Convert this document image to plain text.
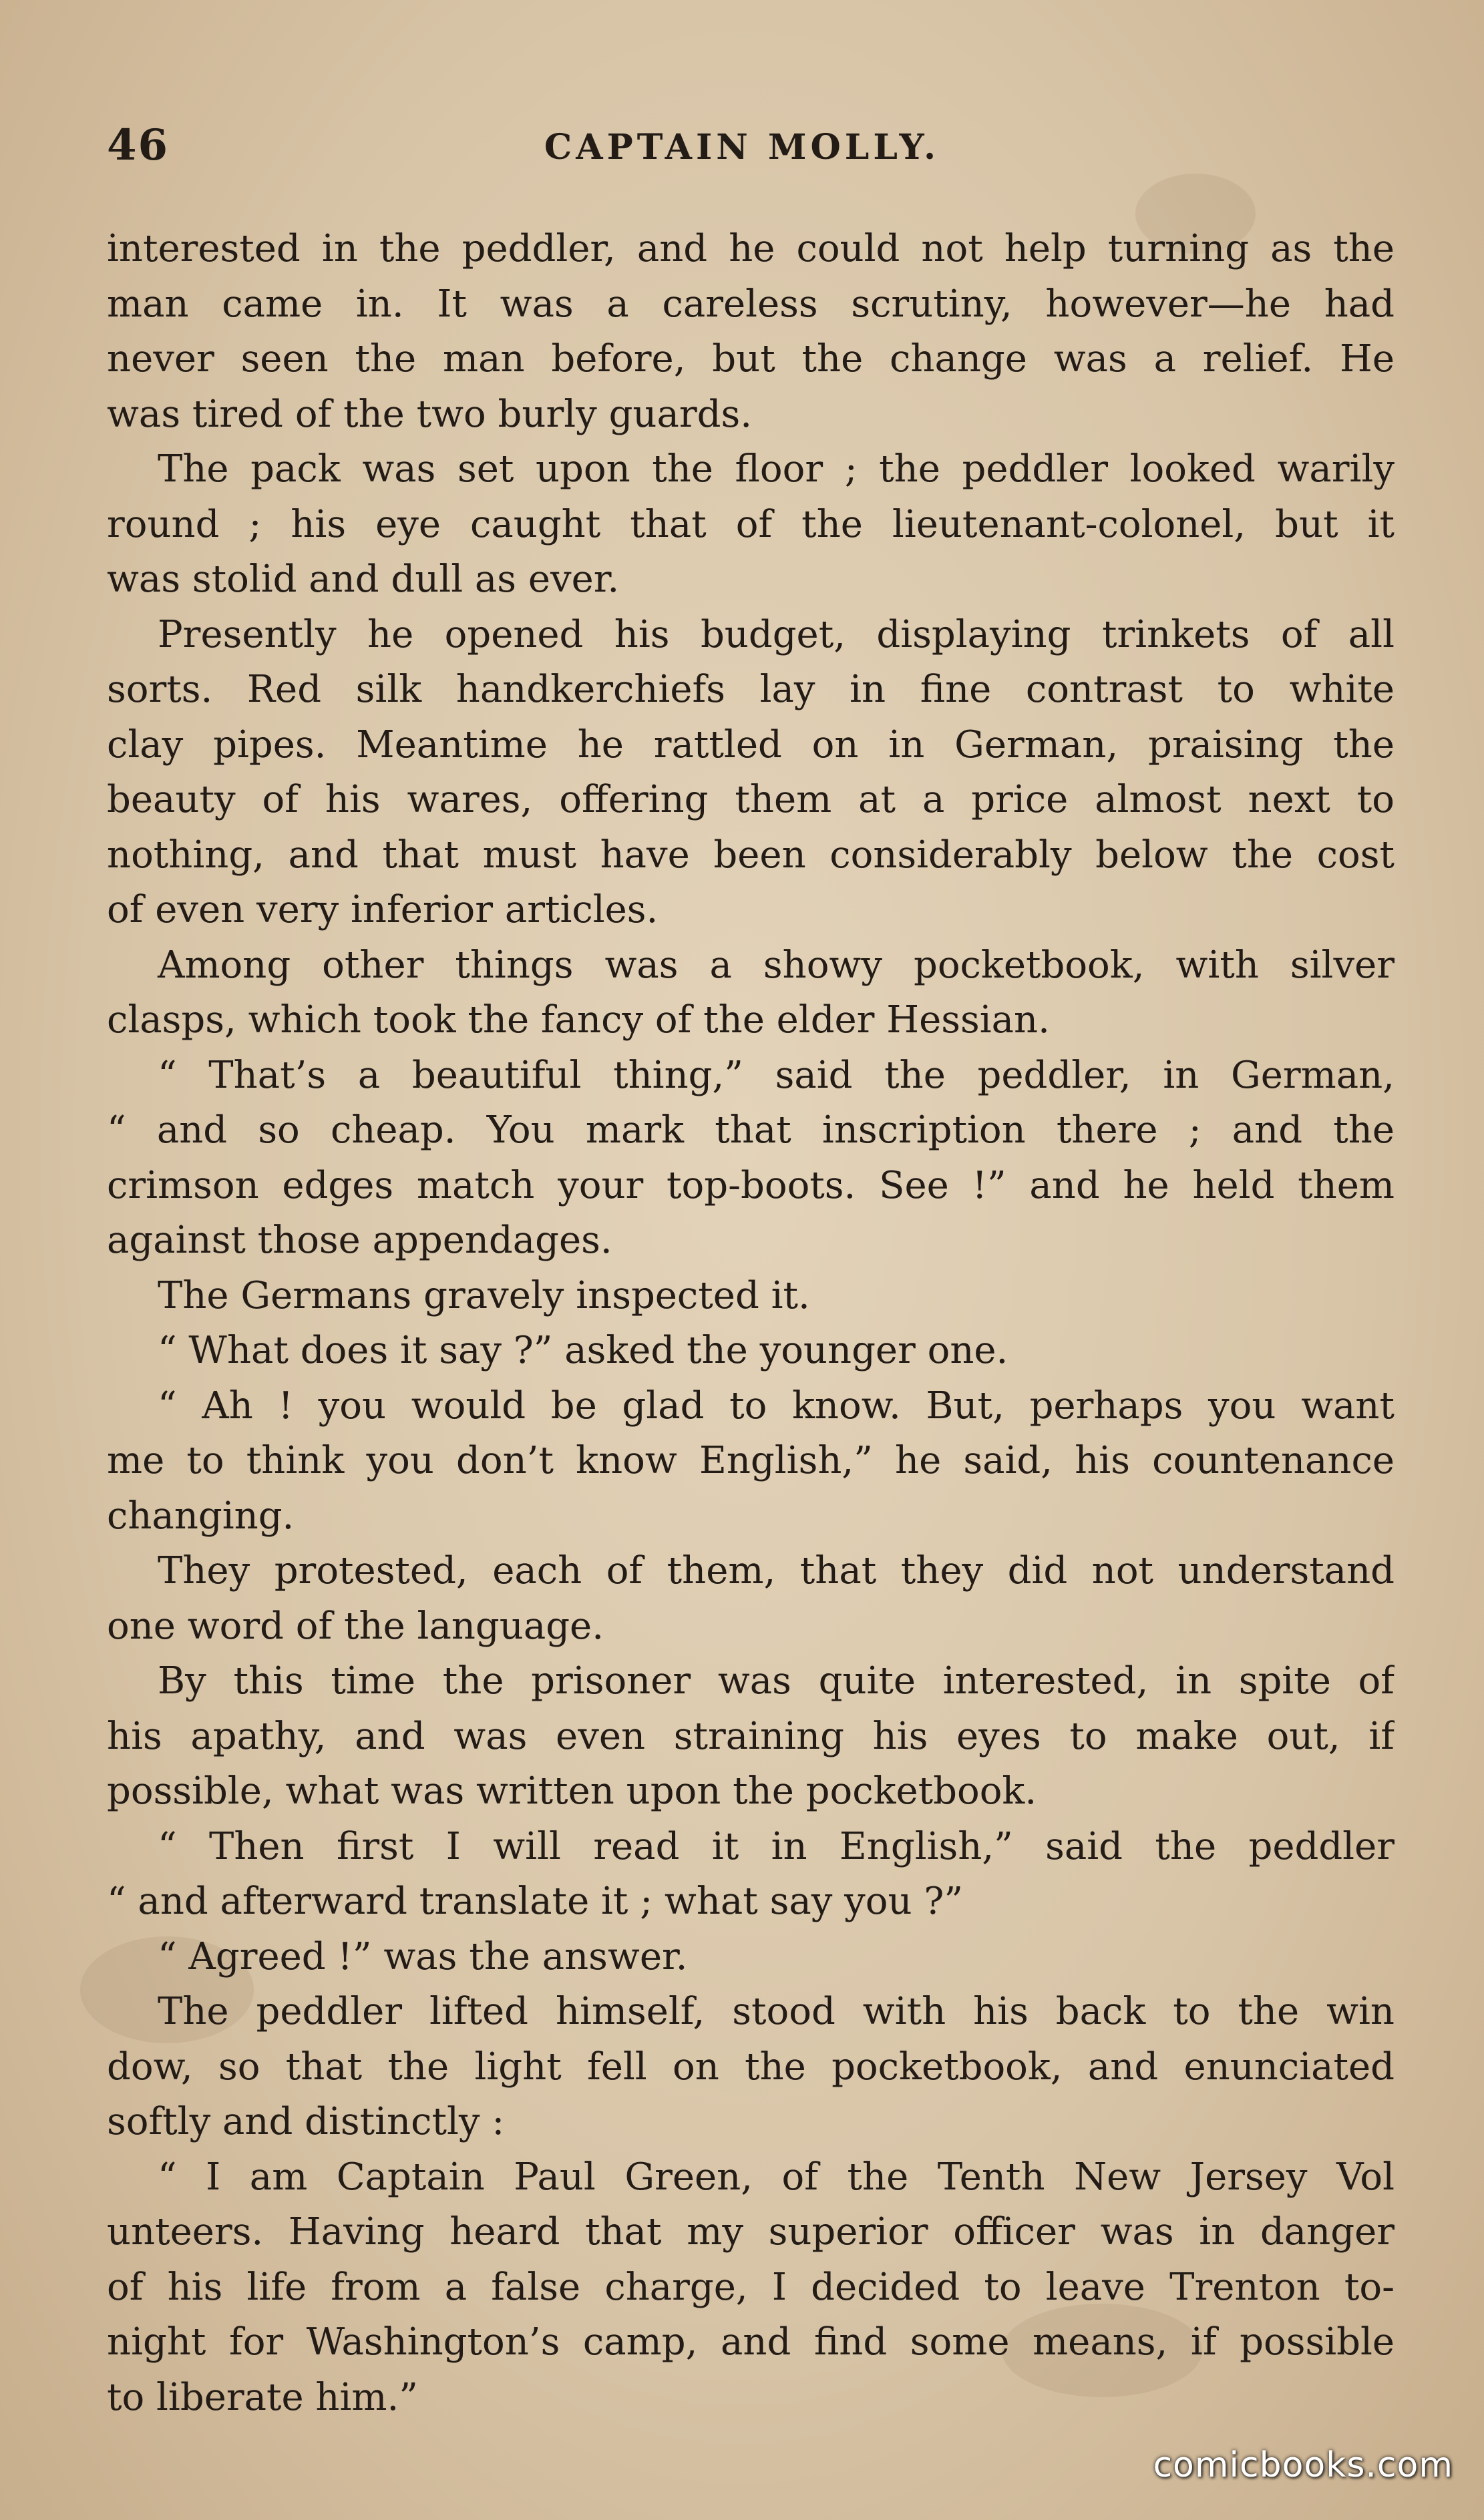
46	CAPTAIN MOLLY.
interested in the peddler, and he could not help turning as the
man came in. It was a careless scrutiny, however—he had
never seen the man before, but the change was a relief. He
was tired of the two burly guards.
The pack was set upon the floor ; the peddler looked warily
round ; his eye caught that of the lieutenant-colonel, but it
was stolid and dull as ever.
Presently he opened his budget, displaying trinkets of all
sorts. Red silk handkerchiefs lay in fine contrast to white
clay pipes. Meantime he rattled on in German, praising the
beauty of his wares, offering them at a price almost next to
nothing, and that must have been considerably below the cost
of even very inferior articles.
Among other things was a showy pocketbook, with silver
clasps, which took the fancy of the elder Hessian.
“ That’s a beautiful thing,” said the peddler, in German,
“ and so cheap. You mark that inscription there ; and the
crimson edges match your top-boots. See !” and he held them
against those appendages.
The Germans gravely inspected it.
“ What does it say ?” asked the younger one.
“ Ah ! you would be glad to know. But, perhaps you want
me to think you don’t know English,” he said, his countenance
changing.
They protested, each of them, that they did not understand
one word of the language.
By this time the prisoner was quite interested, in spite of
his apathy, and was even straining his eyes to make out, if
possible, what was written upon the pocketbook.
“ Then first I will read it in English,” said the peddler
“ and afterward translate it ; what say you ?”
“ Agreed !” was the answer.
The peddler lifted himself, stood with his back to the win
dow, so that the light fell on the pocketbook, and enunciated
softly and distinctly :
“ I am Captain Paul Green, of the Tenth New Jersey Vol
unteers. Having heard that my superior officer was in danger
of his life from a false charge, I decided to leave Trenton to-
night for Washington’s camp, and find some means, if possible
to liberate him.”
comicbooks.com
